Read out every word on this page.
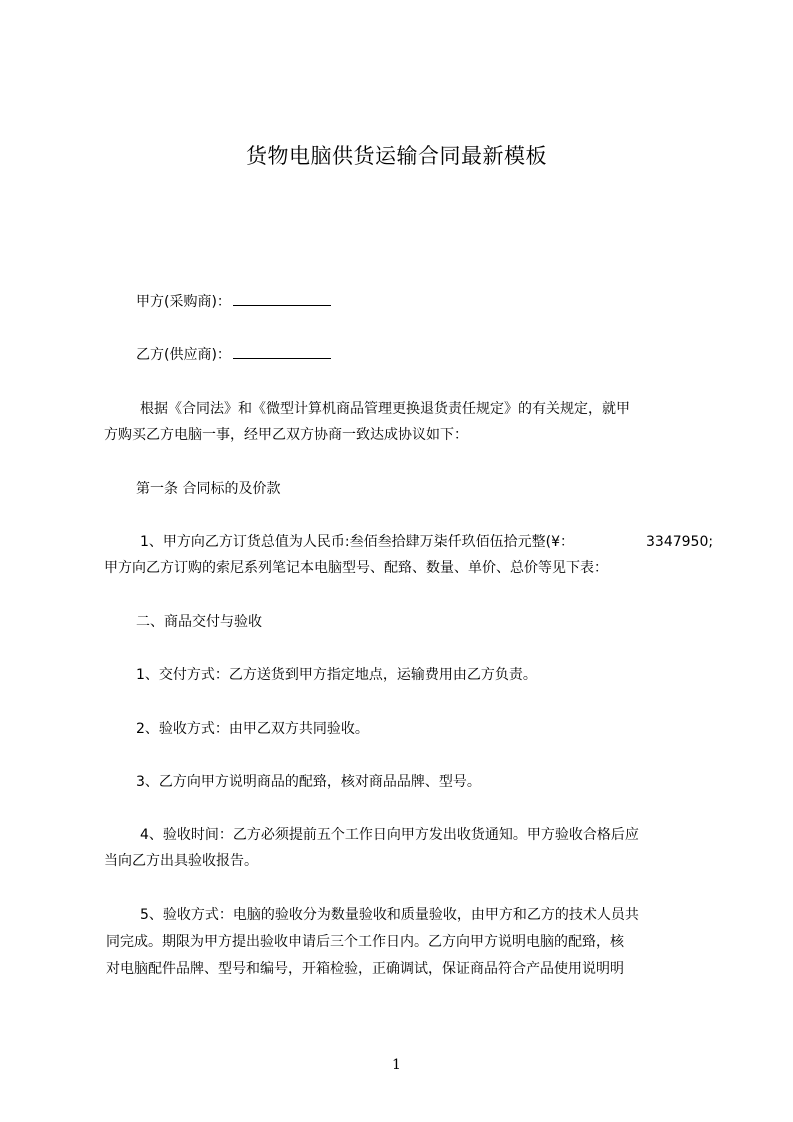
货物电脑供货运输合同最新模板
甲方(采购商)：
乙方(供应商)：
根据《合同法》和《微型计算机商品管理更换退货责任规定》的有关规定，就甲
方购买乙方电脑一事，经甲乙双方协商一致达成协议如下：
第一条 合同标的及价款
1、甲方向乙方订货总值为人民币:叁佰叁拾肆万柒仟玖佰伍拾元整(¥：	3347950;
甲方向乙方订购的索尼系列笔记本电脑型号、配臵、数量、单价、总价等见下表：
二、商品交付与验收
1、交付方式：乙方送货到甲方指定地点，运输费用由乙方负责。
2、验收方式：由甲乙双方共同验收。
3、乙方向甲方说明商品的配臵，核对商品品牌、型号。
4、验收时间：乙方必须提前五个工作日向甲方发出收货通知。甲方验收合格后应
当向乙方出具验收报告。
5、验收方式：电脑的验收分为数量验收和质量验收，由甲方和乙方的技术人员共
同完成。期限为甲方提出验收申请后三个工作日内。乙方向甲方说明电脑的配臵，核
对电脑配件品牌、型号和编号，开箱检验，正确调试，保证商品符合产品使用说明明
1
